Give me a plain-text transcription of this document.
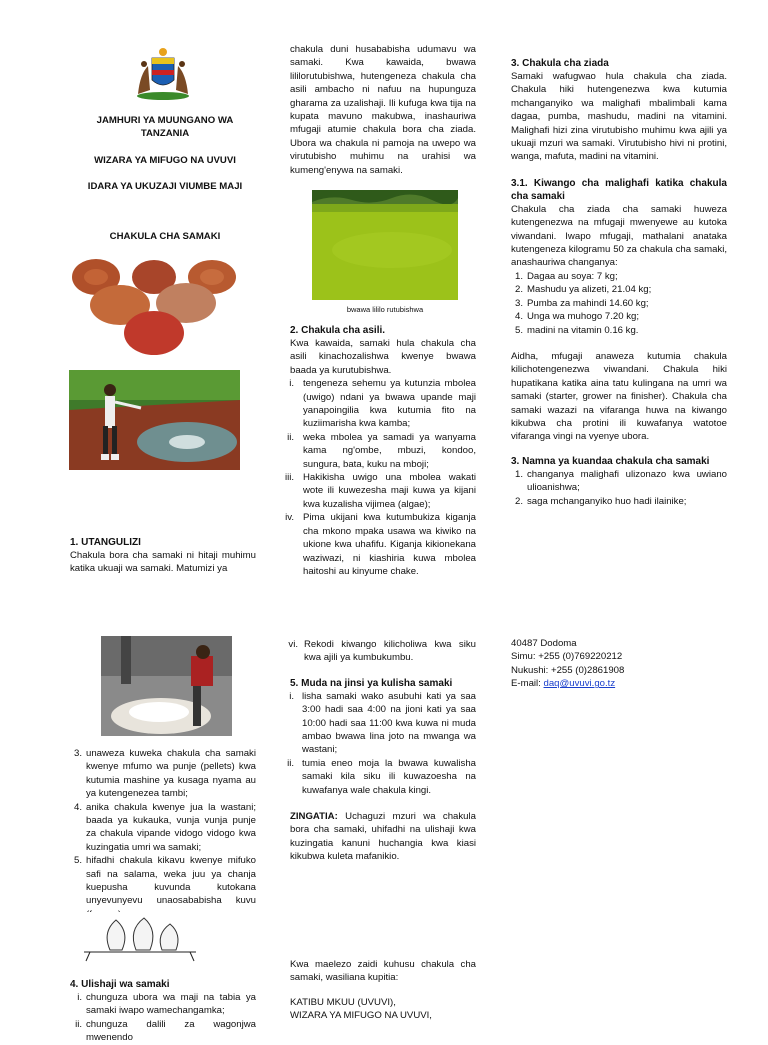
JAMHURI YA MUUNGANO WA
TANZANIA
WIZARA YA MIFUGO NA UVUVI
IDARA YA UKUZAJI VIUMBE MAJI
CHAKULA CHA SAMAKI
1. UTANGULIZI

Chakula bora cha samaki ni hitaji muhimu katika ukuaji wa samaki. Matumizi ya

chakula duni husababisha udumavu wa samaki. Kwa kawaida, bwawa lililorutubishwa, hutengeneza chakula cha asili ambacho ni nafuu na hupunguza gharama za uzalishaji. Ili kufuga kwa tija na kupata mavuno makubwa, inashauriwa mfugaji atumie chakula bora cha ziada. Ubora wa chakula ni pamoja na uwepo wa virutubisho muhimu na urahisi wa kumeng'enywa na samaki.

bwawa lililo rutubishwa
2. Chakula cha asili.

Kwa kawaida, samaki hula chakula cha asili kinachozalishwa kwenye bwawa baada ya kurutubishwa.

i. tengeneza sehemu ya kutunzia mbolea (uwigo) ndani ya bwawa upande maji yanapoingilia kwa kutumia fito na kuziimarisha kwa kamba;
ii. weka mbolea ya samadi ya wanyama kama ng'ombe, mbuzi, kondoo, sungura, bata, kuku na mboji;
iii. Hakikisha uwigo una mbolea wakati wote ili kuwezesha maji kuwa ya kijani kwa kuzalisha vijimea (algae);
iv. Pima ukijani kwa kutumbukiza kiganja cha mkono mpaka usawa wa kiwiko na ukione kwa uhafifu. Kiganja kikionekana waziwazi, ni kiashiria kuwa mbolea haitoshi au kinyume chake.
3. Chakula cha ziada

Samaki wafugwao hula chakula cha ziada. Chakula hiki hutengenezwa kwa kutumia mchanganyiko wa malighafi mbalimbali kama dagaa, pumba, mashudu, madini na vitamini. Malighafi hizi zina virutubisho muhimu kwa ajili ya ukuaji mzuri wa samaki. Virutubisho hivi ni protini, wanga, mafuta, madini na vitamini.

3.1. Kiwango cha malighafi katika chakula cha samaki

Chakula cha ziada cha samaki huweza kutengenezwa na mfugaji mwenyewe au kutoka viwandani. Iwapo mfugaji, mathalani anataka kutengeneza kilogramu 50 za chakula cha samaki, anashauriwa changanya:

1. Dagaa au soya: 7 kg;
2. Mashudu ya alizeti, 21.04 kg;
3. Pumba za mahindi 14.60 kg;
4. Unga wa muhogo 7.20 kg;
5. madini na vitamin 0.16 kg.

Aidha, mfugaji anaweza kutumia chakula kilichotengenezwa viwandani. Chakula hiki hupatikana katika aina tatu kulingana na umri wa samaki (starter, grower na finisher). Chakula cha samaki wazazi na vifaranga huwa na kiwango kikubwa cha protini ili kuwafanya watotoe vifaranga vingi na vyenye ubora.

3. Namna ya kuandaa chakula cha samaki
1. changanya malighafi ulizonazo kwa uwiano ulioanishwa;
2. saga mchanganyiko huo hadi ilainike;
3. unaweza kuweka chakula cha samaki kwenye mfumo wa punje (pellets) kwa kutumia mashine ya kusaga nyama au ya kutengenezea tambi;
4. anika chakula kwenye jua la wastani; baada ya kukauka, vunja vunja punje za chakula vipande vidogo vidogo kwa kuzingatia umri wa samaki;
5. hifadhi chakula kikavu kwenye mifuko safi na salama, weka juu ya chanja kuepusha kuvunda kutokana unyevunyevu unaosababisha kuvu
4. Ulishaji wa samaki
i. chunguza ubora wa maji na tabia ya samaki iwapo wamechangamka;
ii. chunguza dalili za wagonjwa mwenendo
vi. Rekodi kiwango kilicholiwa kwa siku kwa ajili ya kumbukumbu.
5. Muda na jinsi ya kulisha samaki
i. lisha samaki wako asubuhi kati ya saa 3:00 hadi saa 4:00 na jioni kati ya saa 10:00 hadi saa 11:00 kwa kuwa ni muda ambao bwawa lina joto na mwanga wa wastani;
ii. tumia eneo moja la bwawa kuwalisha samaki kila siku ili kuwazoesha na kuwafanya wale chakula kingi.

ZINGATIA: Uchaguzi mzuri wa chakula bora cha samaki, uhifadhi na ulishaji kwa kuzingatia kanuni huchangia kwa kiasi kikubwa kuleta mafanikio.

Kwa maelezo zaidi kuhusu chakula cha samaki, wasiliana kupitia:

KATIBU MKUU (UVUVI),

WIZARA YA MIFUGO NA UVUVI,

40487 Dodoma

Simu: +255 (0)769220212

Nukushi: +255 (0)2861908

E-mail: daq@uvuvi.go.tz
